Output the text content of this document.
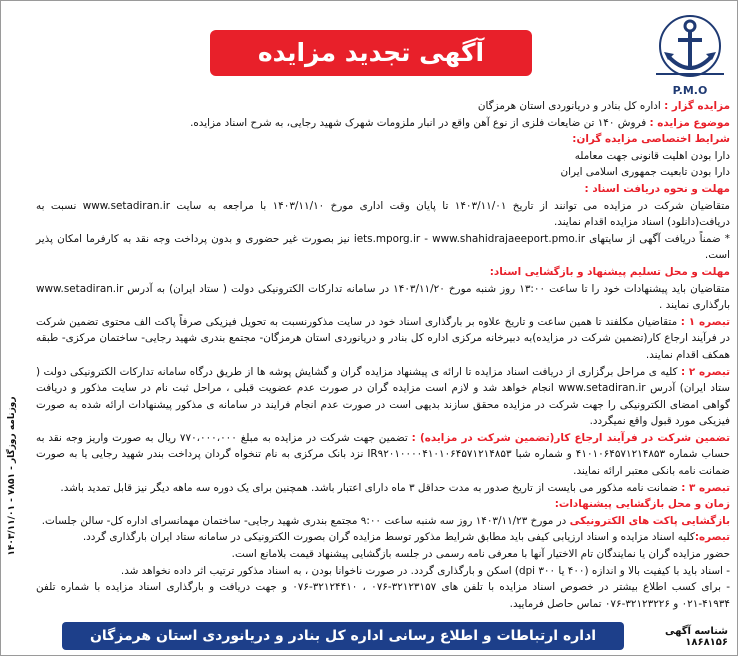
P.M.O
آگهی تجدید مزایده عمومی	مزایده گزار : اداره کل بنادر و دریانوردی استان هرمزگان

موضوع مزایده : فروش ۱۴۰ تن ضایعات فلزی از نوع آهن واقع در انبار ملزومات شهرک شهید رجایی، به شرح اسناد مزایده.

شرایط اختصاصی مزایده گران:

دارا بودن اهلیت قانونی جهت معامله

دارا بودن تابعیت جمهوری اسلامی ایران

مهلت و نحوه دریافت اسناد :

متقاضیان شرکت در مزایده می توانند از تاریخ ۱۴۰۳/۱۱/۰۱ تا پایان وقت اداری مورخ ۱۴۰۳/۱۱/۱۰ با مراجعه به سایت www.setadiran.ir نسبت به دریافت(دانلود) اسناد مزایده اقدام نمایند.

* ضمناً دریافت آگهی از سایتهای iets.mporg.ir - www.shahidrajaeeport.pmo.ir نیز بصورت غیر حضوری و بدون پرداخت وجه نقد به کارفرما امکان پذیر است.

مهلت و محل تسلیم پیشنهاد و بازگشایی اسناد:

متقاضیان باید پیشنهادات خود را تا ساعت ۱۳:۰۰ روز شنبه مورخ ۱۴۰۳/۱۱/۲۰ در سامانه تدارکات الکترونیکی دولت ( ستاد ایران) به آدرس www.setadiran.ir بارگذاری نمایند .

تبصره ۱ : متقاضیان مکلفند تا همین ساعت و تاریخ علاوه بر بارگذاری اسناد خود در سایت مذکورنسبت به تحویل فیزیکی صرفاً پاکت الف محتوی تضمین شرکت در فرآیند ارجاع کار(تضمین شرکت در مزایده)به دبیرخانه مرکزی اداره کل بنادر و دریانوردی استان هرمزگان- مجتمع بندری شهید رجایی- ساختمان مرکزی- طبقه همکف اقدام نمایند.

تبصره ۲ : کلیه ی مراحل برگزاری از دریافت اسناد مزایده تا ارائه ی پیشنهاد مزایده گران و گشایش پوشه ها از طریق درگاه سامانه تدارکات الکترونیکی دولت ( ستاد ایران) آدرس www.setadiran.ir انجام خواهد شد و لازم است مزایده گران در صورت عدم عضویت قبلی ، مراحل ثبت نام در سایت مذکور و دریافت گواهی امضای الکترونیکی را جهت شرکت در مزایده محقق سازند بدیهی است در صورت عدم انجام فرایند در سامانه ی مذکور پیشنهادات ارائه شده به صورت فیزیکی مورد قبول واقع نمیگردد.

تضمین شرکت در فرآیند ارجاع کار(تضمین شرکت در مزایده) : تضمین جهت شرکت در مزایده به مبلغ ۷۷۰،۰۰۰،۰۰۰ ریال به صورت واریز وجه نقد به حساب شماره ۴۱۰۱۰۶۴۵۷۱۲۱۴۸۵۳ و شماره شبا IR۹۲۰۱۰۰۰۰۴۱۰۱۰۶۴۵۷۱۲۱۴۸۵۳ نزد بانک مرکزی به نام تنخواه گردان پرداخت بندر شهید رجایی یا به صورت ضمانت نامه بانکی معتبر ارائه نمایند.

تبصره ۳ : ضمانت نامه مذکور می بایست از تاریخ صدور به مدت حداقل ۳ ماه دارای اعتبار باشد. همچنین برای یک دوره سه ماهه دیگر نیز قابل تمدید باشد.

زمان و محل بازگشایی پیشنهادات:

بازگشایی پاکت های الکترونیکی در مورخ ۱۴۰۳/۱۱/۲۳ روز سه شنبه ساعت ۹:۰۰ مجتمع بندری شهید رجایی- ساختمان مهمانسرای اداره کل- سالن جلسات.

تبصره:کلیه اسناد مزایده و اسناد ارزیابی کیفی باید مطابق شرایط مذکور توسط مزایده گران بصورت الکترونیکی در سامانه ستاد ایران بارگذاری گردد.

حضور مزایده گران یا نمایندگان تام الاختیار آنها با معرفی نامه رسمی در جلسه بازگشایی پیشنهاد قیمت بلامانع است.

- اسناد باید با کیفیت بالا و اندازه (۴۰۰ یا dpi ۳۰۰) اسکن و بارگذاری گردد. در صورت ناخوانا بودن ، به اسناد مذکور ترتیب اثر داده نخواهد شد.

- برای کسب اطلاع بیشتر در خصوص اسناد مزایده با تلفن های ۳۲۱۲۳۱۵۷-۰۷۶ ، ۳۲۱۲۴۴۱۰-۰۷۶ و جهت دریافت و بارگذاری اسناد مزایده با شماره تلفن ۴۱۹۳۴-۰۲۱ و ۳۲۱۲۳۲۲۶-۰۷۶ تماس حاصل فرمایید.

روزنامه روزگار - ۷۸۵۱ - ۱۴۰۳/۱۱/۰۱
اداره ارتباطات و اطلاع رسانی اداره کل بنادر و دریانوردی استان هرمزگان	شناسه آگهی ۱۸۶۸۱۵۶
